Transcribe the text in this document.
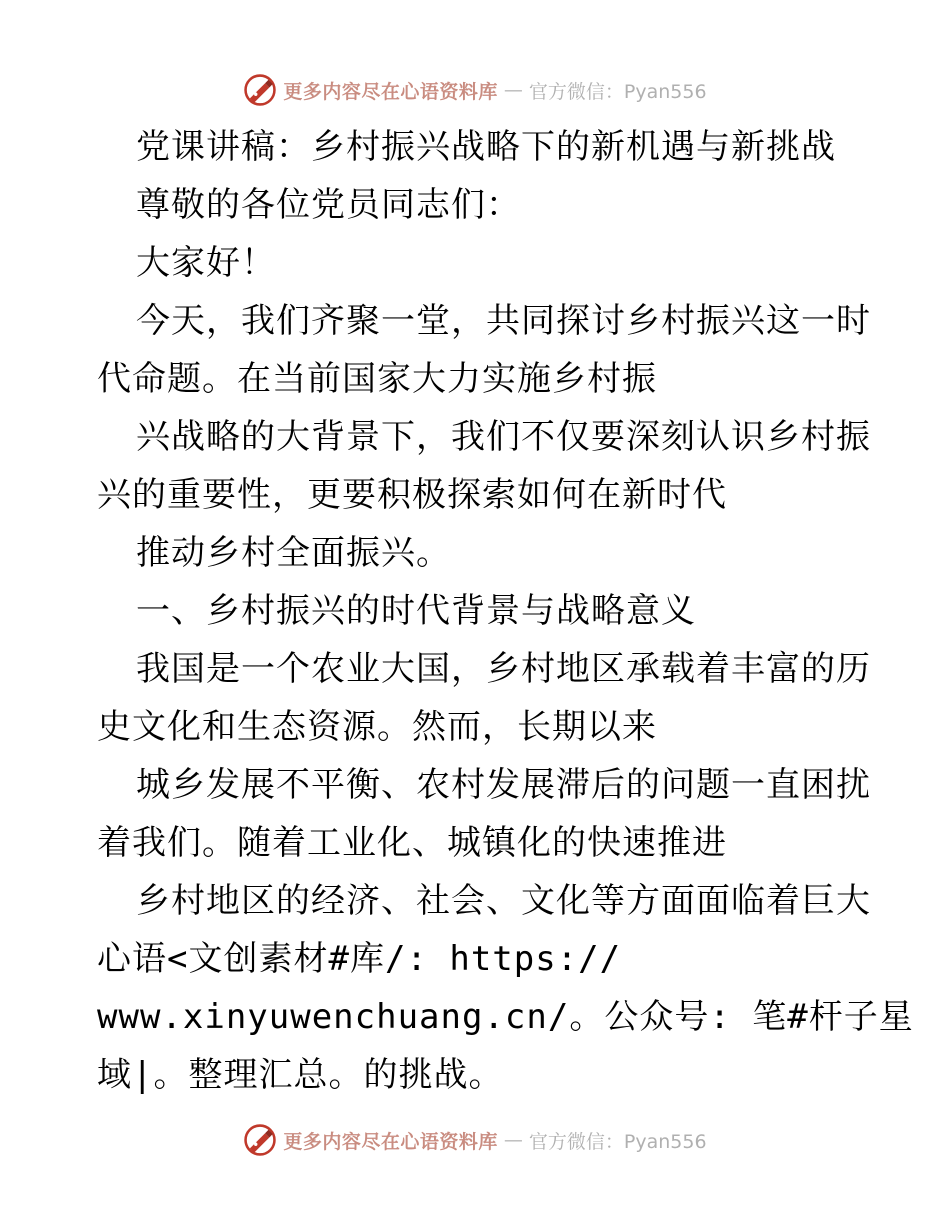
更多内容尽在心语资料库 — 官方微信：Pyan556
党课讲稿：乡村振兴战略下的新机遇与新挑战
尊敬的各位党员同志们：
大家好！
今天，我们齐聚一堂，共同探讨乡村振兴这一时
代命题。在当前国家大力实施乡村振
兴战略的大背景下，我们不仅要深刻认识乡村振
兴的重要性，更要积极探索如何在新时代
推动乡村全面振兴。
一、乡村振兴的时代背景与战略意义
我国是一个农业大国，乡村地区承载着丰富的历
史文化和生态资源。然而，长期以来
城乡发展不平衡、农村发展滞后的问题一直困扰
着我们。随着工业化、城镇化的快速推进
乡村地区的经济、社会、文化等方面面临着巨大
心语<文创素材#库/: https://
www.xinyuwenchuang.cn/。公众号: 笔#杆子星
域|。整理汇总。的挑战。
更多内容尽在心语资料库 — 官方微信：Pyan556
